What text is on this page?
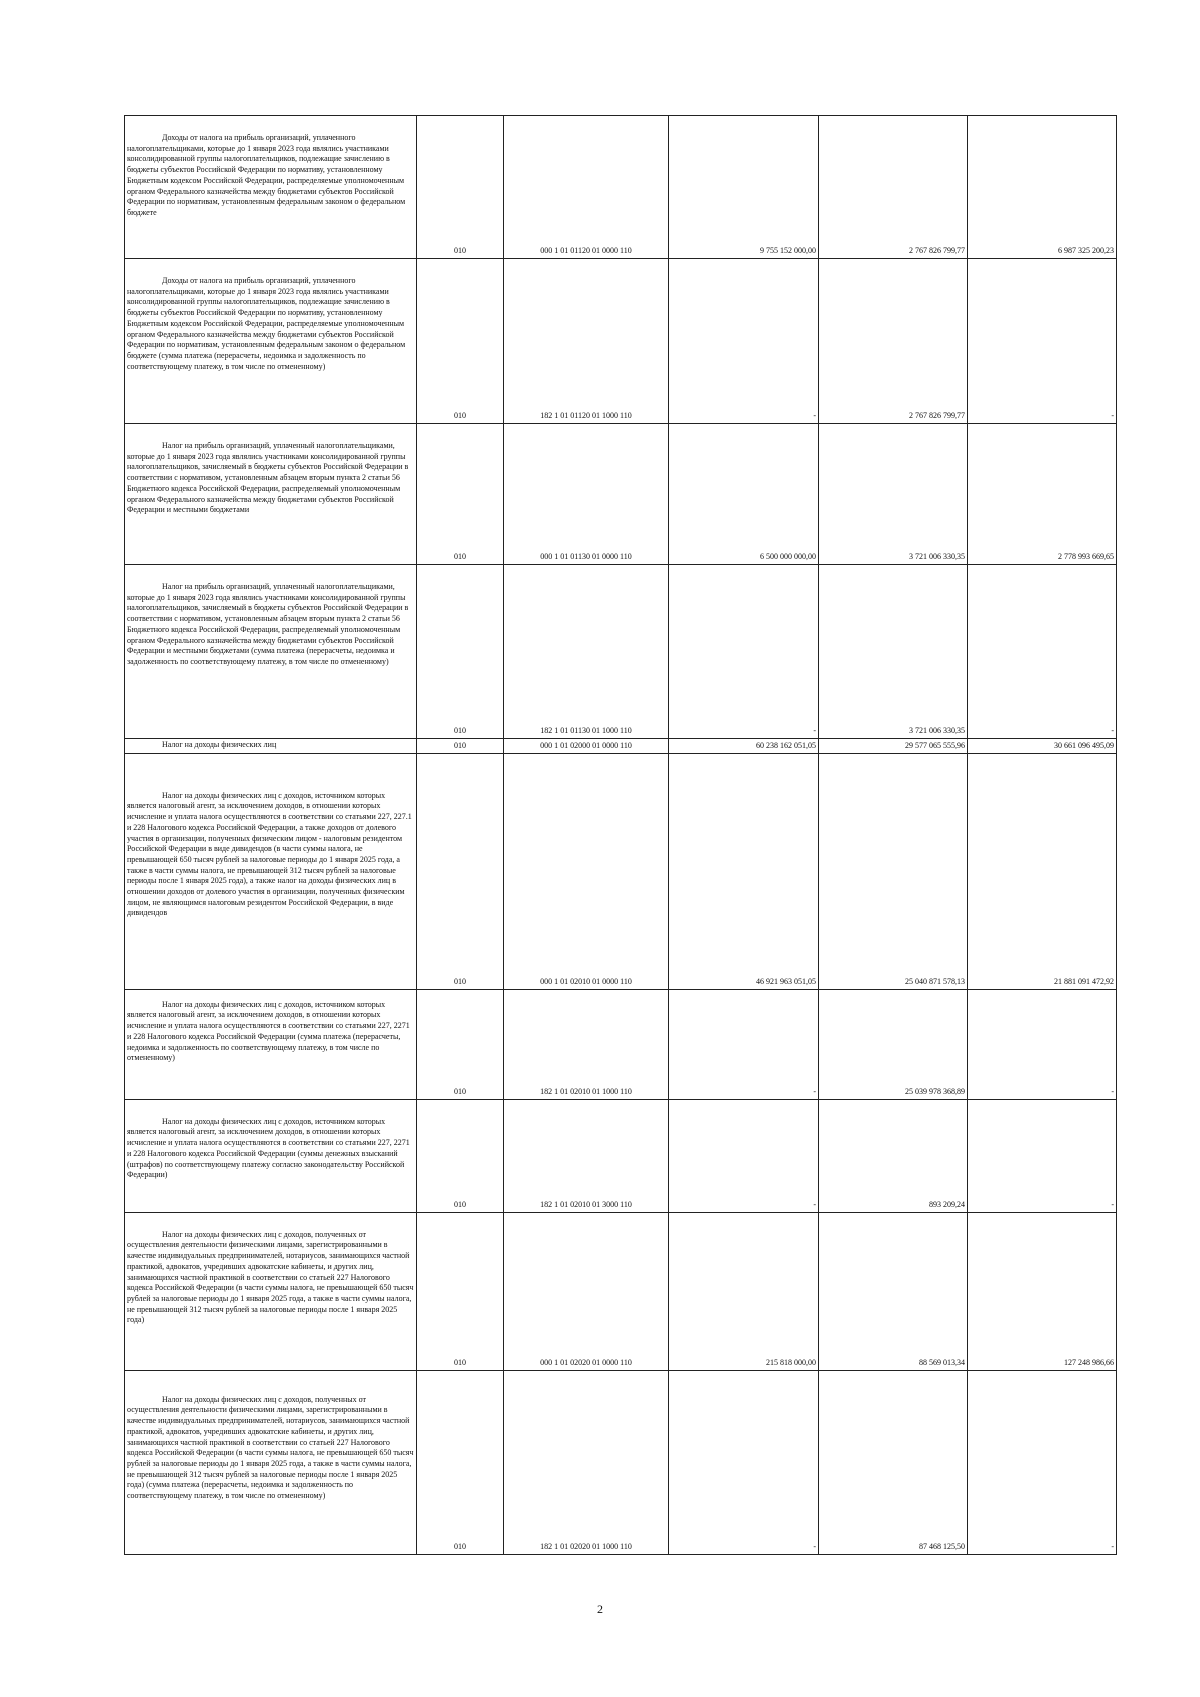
Доходы от налога на прибыль организаций, уплаченного налогоплательщиками, которые до 1 января 2023 года являлись участниками консолидированной группы налогоплательщиков, подлежащие зачислению в бюджеты субъектов Российской Федерации по нормативу, установленному Бюджетным кодексом Российской Федерации, распределяемые уполномоченным органом Федерального казначейства между бюджетами субъектов Российской Федерации по нормативам, установленным федеральным законом о федеральном бюджете	010	000 1 01 01120 01 0000 110	9 755 152 000,00	2 767 826 799,77	6 987 325 200,23

Доходы от налога на прибыль организаций, уплаченного налогоплательщиками, которые до 1 января 2023 года являлись участниками консолидированной группы налогоплательщиков, подлежащие зачислению в бюджеты субъектов Российской Федерации по нормативу, установленному Бюджетным кодексом Российской Федерации, распределяемые уполномоченным органом Федерального казначейства между бюджетами субъектов Российской Федерации по нормативам, установленным федеральным законом о федеральном бюджете (сумма платежа (перерасчеты, недоимка и задолженность по соответствующему платежу, в том числе по отмененному)	010	182 1 01 01120 01 1000 110	-	2 767 826 799,77	-

Налог на прибыль организаций, уплаченный налогоплательщиками, которые до 1 января 2023 года являлись участниками консолидированной группы налогоплательщиков, зачисляемый в бюджеты субъектов Российской Федерации в соответствии с нормативом, установленным абзацем вторым пункта 2 статьи 56 Бюджетного кодекса Российской Федерации, распределяемый уполномоченным органом Федерального казначейства между бюджетами субъектов Российской Федерации и местными бюджетами	010	000 1 01 01130 01 0000 110	6 500 000 000,00	3 721 006 330,35	2 778 993 669,65

Налог на прибыль организаций, уплаченный налогоплательщиками, которые до 1 января 2023 года являлись участниками консолидированной группы налогоплательщиков, зачисляемый в бюджеты субъектов Российской Федерации в соответствии с нормативом, установленным абзацем вторым пункта 2 статьи 56 Бюджетного кодекса Российской Федерации, распределяемый уполномоченным органом Федерального казначейства между бюджетами субъектов Российской Федерации и местными бюджетами (сумма платежа (перерасчеты, недоимка и задолженность по соответствующему платежу, в том числе по отмененному)	010	182 1 01 01130 01 1000 110	-	3 721 006 330,35	-

Налог на доходы физических лиц	010	000 1 01 02000 01 0000 110	60 238 162 051,05	29 577 065 555,96	30 661 096 495,09

Налог на доходы физических лиц с доходов, источником которых является налоговый агент, за исключением доходов, в отношении которых исчисление и уплата налога осуществляются в соответствии со статьями 227, 227.1 и 228 Налогового кодекса Российской Федерации, а также доходов от долевого участия в организации, полученных физическим лицом - налоговым резидентом Российской Федерации в виде дивидендов (в части суммы налога, не превышающей 650 тысяч рублей за налоговые периоды до 1 января 2025 года, а также в части суммы налога, не превышающей 312 тысяч рублей за налоговые периоды после 1 января 2025 года), а также налог на доходы физических лиц в отношении доходов от долевого участия в организации, полученных физическим лицом, не являющимся налоговым резидентом Российской Федерации, в виде дивидендов	010	000 1 01 02010 01 0000 110	46 921 963 051,05	25 040 871 578,13	21 881 091 472,92

Налог на доходы физических лиц с доходов, источником которых является налоговый агент, за исключением доходов, в отношении которых исчисление и уплата налога осуществляются в соответствии со статьями 227, 2271 и 228 Налогового кодекса Российской Федерации (сумма платежа (перерасчеты, недоимка и задолженность по соответствующему платежу, в том числе по отмененному)	010	182 1 01 02010 01 1000 110	-	25 039 978 368,89	-

Налог на доходы физических лиц с доходов, источником которых является налоговый агент, за исключением доходов, в отношении которых исчисление и уплата налога осуществляются в соответствии со статьями 227, 2271 и 228 Налогового кодекса Российской Федерации (суммы денежных взысканий (штрафов) по соответствующему платежу согласно законодательству Российской Федерации)	010	182 1 01 02010 01 3000 110	-	893 209,24	-

Налог на доходы физических лиц с доходов, полученных от осуществления деятельности физическими лицами, зарегистрированными в качестве индивидуальных предпринимателей, нотариусов, занимающихся частной практикой, адвокатов, учредивших адвокатские кабинеты, и других лиц, занимающихся частной практикой в соответствии со статьей 227 Налогового кодекса Российской Федерации (в части суммы налога, не превышающей 650 тысяч рублей за налоговые периоды до 1 января 2025 года, а также в части суммы налога, не превышающей 312 тысяч рублей за налоговые периоды после 1 января 2025 года)	010	000 1 01 02020 01 0000 110	215 818 000,00	88 569 013,34	127 248 986,66

Налог на доходы физических лиц с доходов, полученных от осуществления деятельности физическими лицами, зарегистрированными в качестве индивидуальных предпринимателей, нотариусов, занимающихся частной практикой, адвокатов, учредивших адвокатские кабинеты, и других лиц, занимающихся частной практикой в соответствии со статьей 227 Налогового кодекса Российской Федерации (в части суммы налога, не превышающей 650 тысяч рублей за налоговые периоды до 1 января 2025 года, а также в части суммы налога, не превышающей 312 тысяч рублей за налоговые периоды после 1 января 2025 года) (сумма платежа (перерасчеты, недоимка и задолженность по соответствующему платежу, в том числе по отмененному)	010	182 1 01 02020 01 1000 110	-	87 468 125,50	-
2
